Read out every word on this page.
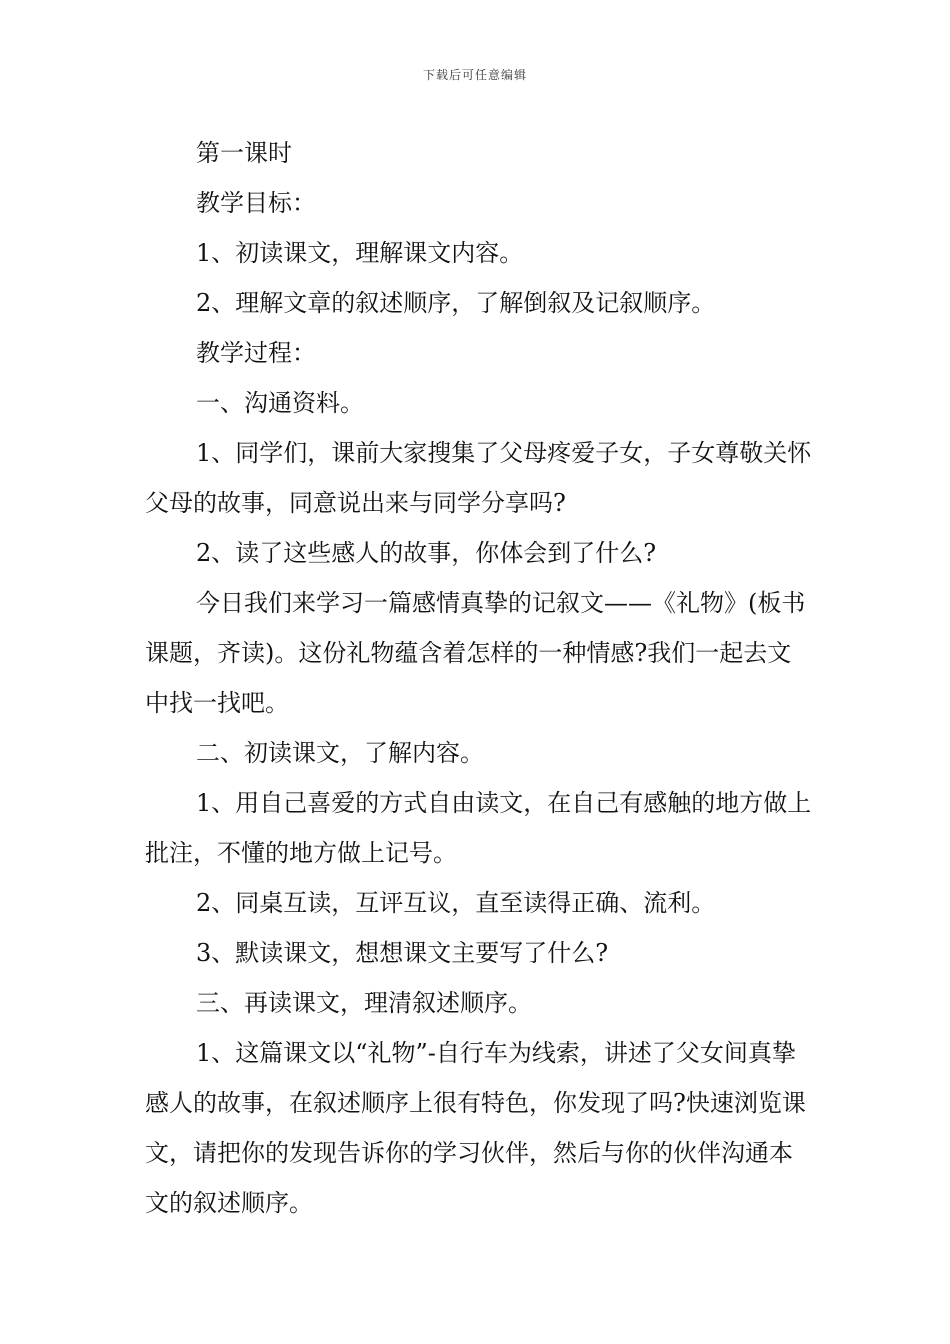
下载后可任意编辑

第一课时

教学目标：

1、初读课文，理解课文内容。

2、理解文章的叙述顺序，了解倒叙及记叙顺序。

教学过程：

一、沟通资料。

1、同学们，课前大家搜集了父母疼爱子女，子女尊敬关怀父母的故事，同意说出来与同学分享吗?

2、读了这些感人的故事，你体会到了什么?

今日我们来学习一篇感情真挚的记叙文——《礼物》(板书课题，齐读)。这份礼物蕴含着怎样的一种情感?我们一起去文中找一找吧。

二、初读课文，了解内容。

1、用自己喜爱的方式自由读文，在自己有感触的地方做上批注，不懂的地方做上记号。

2、同桌互读，互评互议，直至读得正确、流利。

3、默读课文，想想课文主要写了什么?

三、再读课文，理清叙述顺序。

1、这篇课文以“礼物”-自行车为线索，讲述了父女间真挚感人的故事，在叙述顺序上很有特色，你发现了吗?快速浏览课文，请把你的发现告诉你的学习伙伴，然后与你的伙伴沟通本文的叙述顺序。
